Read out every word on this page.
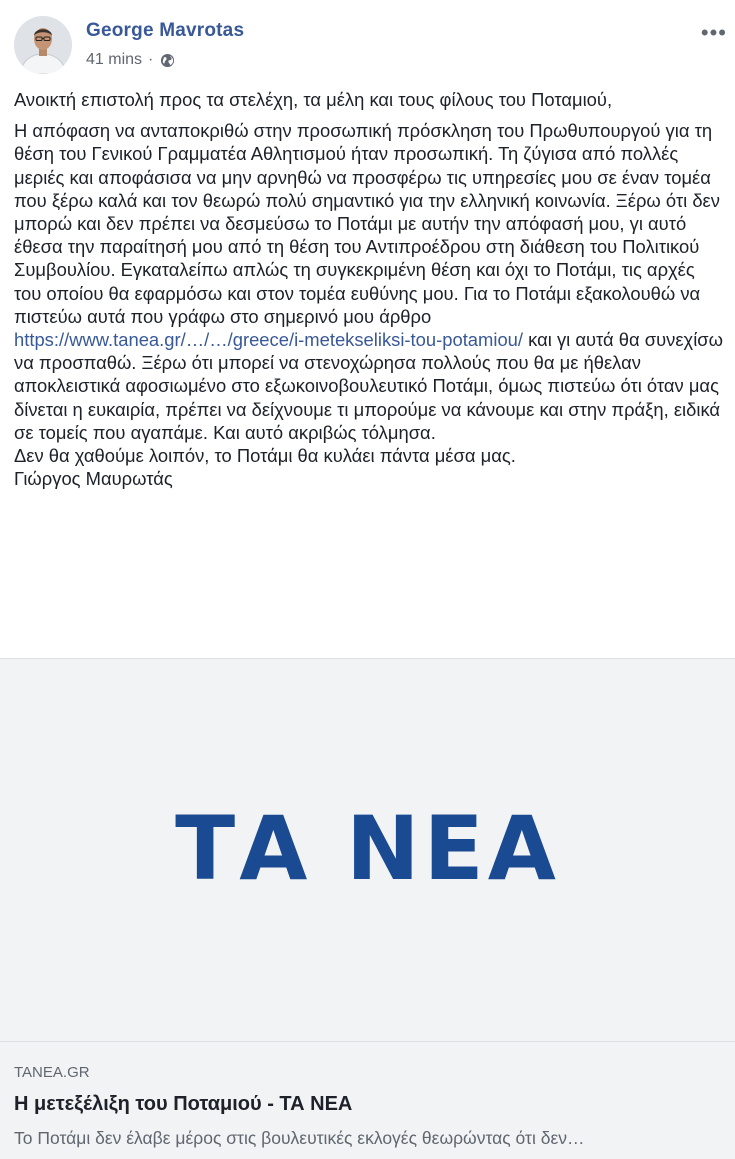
George Mavrotas
41 mins ·
•••

Ανοικτή επιστολή προς τα στελέχη, τα μέλη και τους φίλους του Ποταμιού,

Η απόφαση να ανταποκριθώ στην προσωπική πρόσκληση του Πρωθυπουργού για τη θέση του Γενικού Γραμματέα Αθλητισμού ήταν προσωπική. Τη ζύγισα από πολλές μεριές και αποφάσισα να μην αρνηθώ να προσφέρω τις υπηρεσίες μου σε έναν τομέα που ξέρω καλά και τον θεωρώ πολύ σημαντικό για την ελληνική κοινωνία. Ξέρω ότι δεν μπορώ και δεν πρέπει να δεσμεύσω το Ποτάμι με αυτήν την απόφασή μου, γι αυτό έθεσα την παραίτησή μου από τη θέση του Αντιπροέδρου στη διάθεση του Πολιτικού Συμβουλίου. Εγκαταλείπω απλώς τη συγκεκριμένη θέση και όχι το Ποτάμι, τις αρχές του οποίου θα εφαρμόσω και στον τομέα ευθύνης μου. Για το Ποτάμι εξακολουθώ να πιστεύω αυτά που γράφω στο σημερινό μου άρθρο https://www.tanea.gr/…/…/greece/i-metekseliksi-tou-potamiou/ και γι αυτά θα συνεχίσω να προσπαθώ. Ξέρω ότι μπορεί να στενοχώρησα πολλούς που θα με ήθελαν αποκλειστικά αφοσιωμένο στο εξωκοινοβουλευτικό Ποτάμι, όμως πιστεύω ότι όταν μας δίνεται η ευκαιρία, πρέπει να δείχνουμε τι μπορούμε να κάνουμε και στην πράξη, ειδικά σε τομείς που αγαπάμε. Και αυτό ακριβώς τόλμησα.

Δεν θα χαθούμε λοιπόν, το Ποτάμι θα κυλάει πάντα μέσα μας.

Γιώργος Μαυρωτάς

ΤΑ ΝΕΑ
TANEA.GR
Η μετεξέλιξη του Ποταμιού - ΤΑ ΝΕΑ
Το Ποτάμι δεν έλαβε μέρος στις βουλευτικές εκλογές θεωρώντας ότι δεν…
